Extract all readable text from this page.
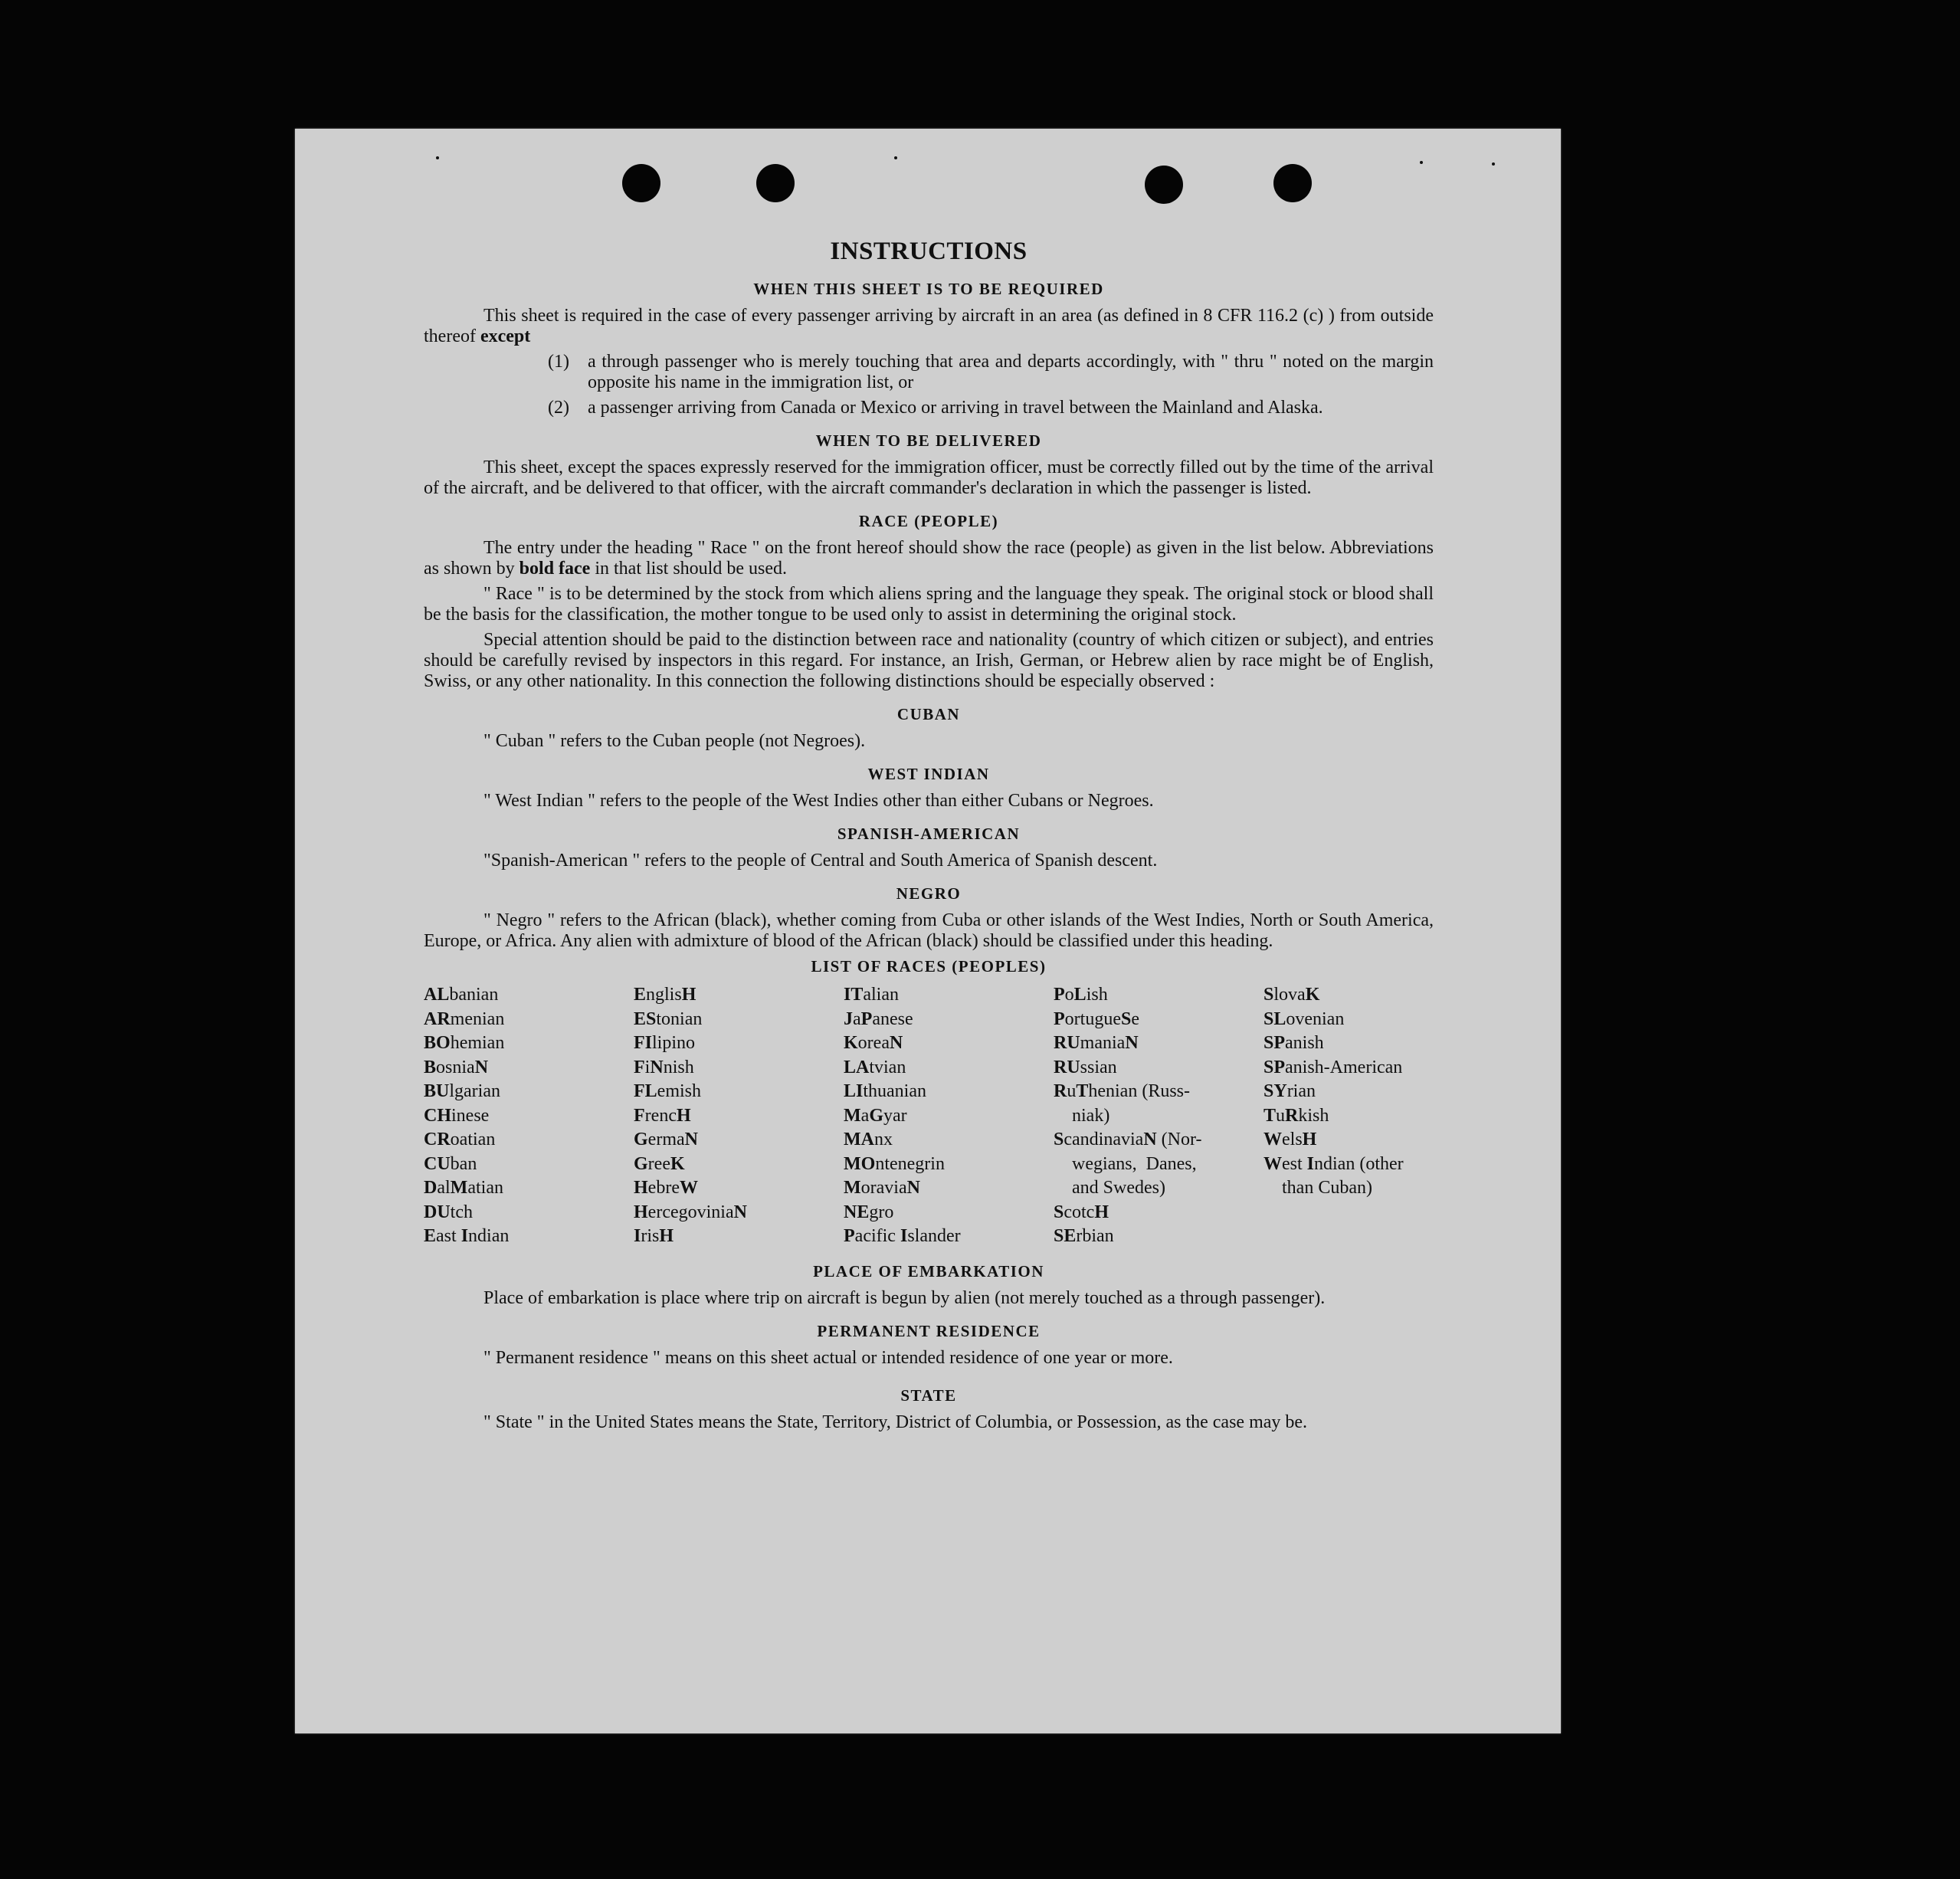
INSTRUCTIONS
WHEN THIS SHEET IS TO BE REQUIRED

This sheet is required in the case of every passenger arriving by aircraft in an area (as defined in 8 CFR 116.2 (c) ) from outside thereof except

(1)	a through passenger who is merely touching that area and departs accordingly, with " thru " noted on the margin opposite his name in the immigration list, or
(2)	a passenger arriving from Canada or Mexico or arriving in travel between the Mainland and Alaska.
WHEN TO BE DELIVERED

This sheet, except the spaces expressly reserved for the immigration officer, must be correctly filled out by the time of the arrival of the aircraft, and be delivered to that officer, with the aircraft commander's declaration in which the passenger is listed.

RACE (PEOPLE)

The entry under the heading " Race " on the front hereof should show the race (people) as given in the list below. Abbreviations as shown by bold face in that list should be used.

" Race " is to be determined by the stock from which aliens spring and the language they speak. The original stock or blood shall be the basis for the classification, the mother tongue to be used only to assist in determining the original stock.

Special attention should be paid to the distinction between race and nationality (country of which citizen or subject), and entries should be carefully revised by inspectors in this regard. For instance, an Irish, German, or Hebrew alien by race might be of English, Swiss, or any other nationality. In this connection the following distinctions should be especially observed :

CUBAN

" Cuban " refers to the Cuban people (not Negroes).

WEST INDIAN

" West Indian " refers to the people of the West Indies other than either Cubans or Negroes.

SPANISH-AMERICAN

"Spanish-American " refers to the people of Central and South America of Spanish descent.

NEGRO

" Negro " refers to the African (black), whether coming from Cuba or other islands of the West Indies, North or South America, Europe, or Africa. Any alien with admixture of blood of the African (black) should be classified under this heading.

LIST OF RACES (PEOPLES)
ALbanian
ARmenian
BOhemian
BosniaN
BUlgarian
CHinese
CRoatian
CUban
DalMatian
DUtch
East Indian
EnglisH
EStonian
FIlipino
FiNnish
FLemish
FrencH
GermaN
GreeK
HebreW
HercegoviniaN
IrisH
ITalian
JaPanese
KoreaN
LAtvian
LIthuanian
MaGyar
MAnx
MOntenegrin
MoraviaN
NEgro
Pacific Islander
PoLish
PortugueSe
RUmaniaN
RUssian
RuThenian (Russ-
niak)
ScandinaviaN (Nor-
wegians,  Danes,
and Swedes)
ScotcH
SErbian
SlovaK
SLovenian
SPanish
SPanish-American
SYrian
TuRkish
WelsH
West Indian (other
than Cuban)
PLACE OF EMBARKATION

Place of embarkation is place where trip on aircraft is begun by alien (not merely touched as a through passenger).

PERMANENT RESIDENCE

" Permanent residence " means on this sheet actual or intended residence of one year or more.

STATE

" State " in the United States means the State, Territory, District of Columbia, or Possession, as the case may be.
